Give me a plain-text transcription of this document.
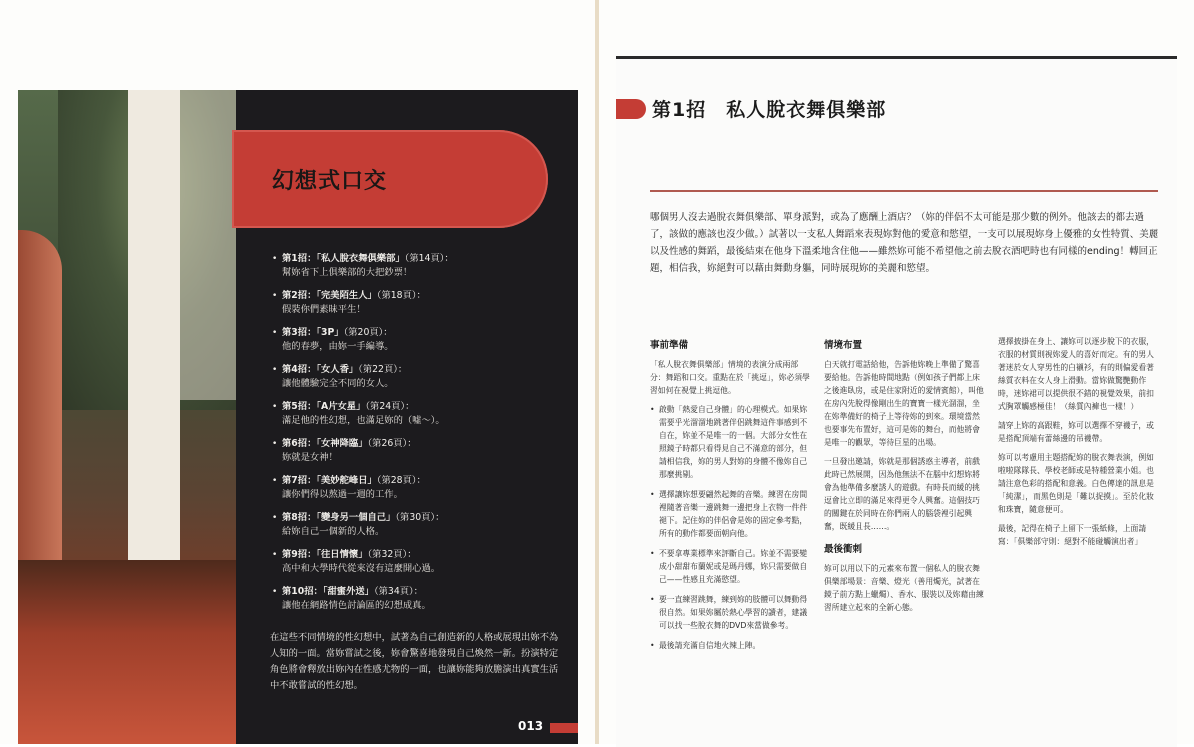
幻想式口交
• 第1招：「私人脫衣舞俱樂部」（第14頁）：
幫妳省下上俱樂部的大把鈔票！
• 第2招：「完美陌生人」（第18頁）：
假裝你們素昧平生！
• 第3招：「3P」（第20頁）：
他的春夢，由妳一手編導。
• 第4招：「女人香」（第22頁）：
讓他體驗完全不同的女人。
• 第5招：「A片女星」（第24頁）：
滿足他的性幻想，也滿足妳的（噓〜）。
• 第6招：「女神降臨」（第26頁）：
妳就是女神！
• 第7招：「美妙舵峰日」（第28頁）：
讓你們得以熬過一週的工作。
• 第8招：「變身另一個自己」（第30頁）：
給妳自己一個新的人格。
• 第9招：「往日情懷」（第32頁）：
高中和大學時代從來沒有這麼開心過。
• 第10招：「甜蜜外送」（第34頁）：
讓他在網路情色討論區的幻想成真。

在這些不同情境的性幻想中，試著為自己創造新的人格或展現出妳不為人知的一面。當妳嘗試之後，妳會驚喜地發現自己煥然一新。扮演特定角色將會釋放出妳內在性感尤物的一面，也讓妳能夠放膽演出真實生活中不敢嘗試的性幻想。

013
第1招　私人脫衣舞俱樂部

哪個男人沒去過脫衣舞俱樂部、單身派對，或為了應酬上酒店？（妳的伴侶不太可能是那少數的例外。他該去的都去過了，該做的應該也沒少做。）試著以一支私人舞蹈來表現妳對他的愛意和慾望，一支可以展現妳身上優雅的女性特質、美麗以及性感的舞蹈，最後結束在他身下溫柔地含住他——雖然妳可能不希望他之前去脫衣酒吧時也有同樣的ending！轉回正題，相信我，妳絕對可以藉由舞動身軀，同時展現妳的美麗和慾望。

事前準備

「私人脫衣舞俱樂部」情境的表演分成兩部分：舞蹈和口交。重點在於「挑逗」，妳必須學習如何在視覺上挑逗他。

• 啟動「熱愛自己身體」的心理模式。如果妳需要乎光溜溜地跳著伴侶跳舞這件事感到不自在，妳並不是唯一的一個。大部分女性在照鏡子時都只看得見自己不滿意的部分，但請相信我，妳的男人對妳的身體不像妳自己那麼挑剔。
• 選擇讓妳想要翩然起舞的音樂。練習在房間裡隨著音樂一邊跳舞一邊把身上衣物一件件褪下。記住妳的伴侶會是妳的固定參考點，所有的動作都要面朝向他。
• 不要拿專業標準來評斷自己。妳並不需要變成小甜甜布蘭妮或是瑪丹娜，妳只需要做自己——性感且充滿慾望。
• 要一直練習跳舞，練到妳的肢體可以舞動得很自然。如果妳屬於熱心學習的讀者，建議可以找一些脫衣舞的DVD來當做參考。
• 最後請充滿自信地火辣上陣。
情境布置

白天就打電話給他，告訴他妳晚上準備了驚喜要給他。告訴他時間地點（例如孩子們都上床之後進臥房，或是住家附近的愛情賓館），叫他在房內先脫得像剛出生的寶寶一樣光溜溜，坐在妳準備好的椅子上等待妳的到來。環境當然也要事先布置好，這可是妳的舞台，而他將會是唯一的觀眾，等待巨星的出場。

一旦發出邀請，妳就是那個誘惑主導者，前戲此時已然展開，因為他無法不在腦中幻想妳將會為他準備多麼誘人的遊戲。有時長而緩的挑逗會比立即的滿足來得更令人興奮。這個技巧的關鍵在於同時在你們兩人的腦袋裡引起興奮，既緩且長……。

最後衝刺

妳可以用以下的元素來布置一個私人的脫衣舞俱樂部場景：音樂、燈光（善用燭光，試著在鏡子前方點上蠟燭）、香水、服裝以及妳藉由練習所建立起來的全新心態。

選擇披掛在身上、讓妳可以逐步脫下的衣服，衣服的材質則視妳愛人的喜好而定。有的男人著迷於女人穿男性的白襯衫，有的則偏愛看著絲質衣料在女人身上滑動。當妳做驚艷動作時，迷妳裙可以提供很不錯的視覺效果，前扣式胸罩觸感極佳！（絲質內褲也一樣！）

請穿上妳的高跟鞋，妳可以選擇不穿襪子，或是搭配頂端有蕾絲邊的吊襪帶。

妳可以考慮用主題搭配妳的脫衣舞表演，例如啦啦隊隊長、學校老師或是特種營業小姐。也請注意色彩的搭配和意義。白色傳達的訊息是「純潔」，而黑色則是「難以捉摸」。至於化妝和珠寶，隨意便可。

最後，記得在椅子上留下一張紙條，上面請寫：「俱樂部守則：絕對不能碰觸演出者」
